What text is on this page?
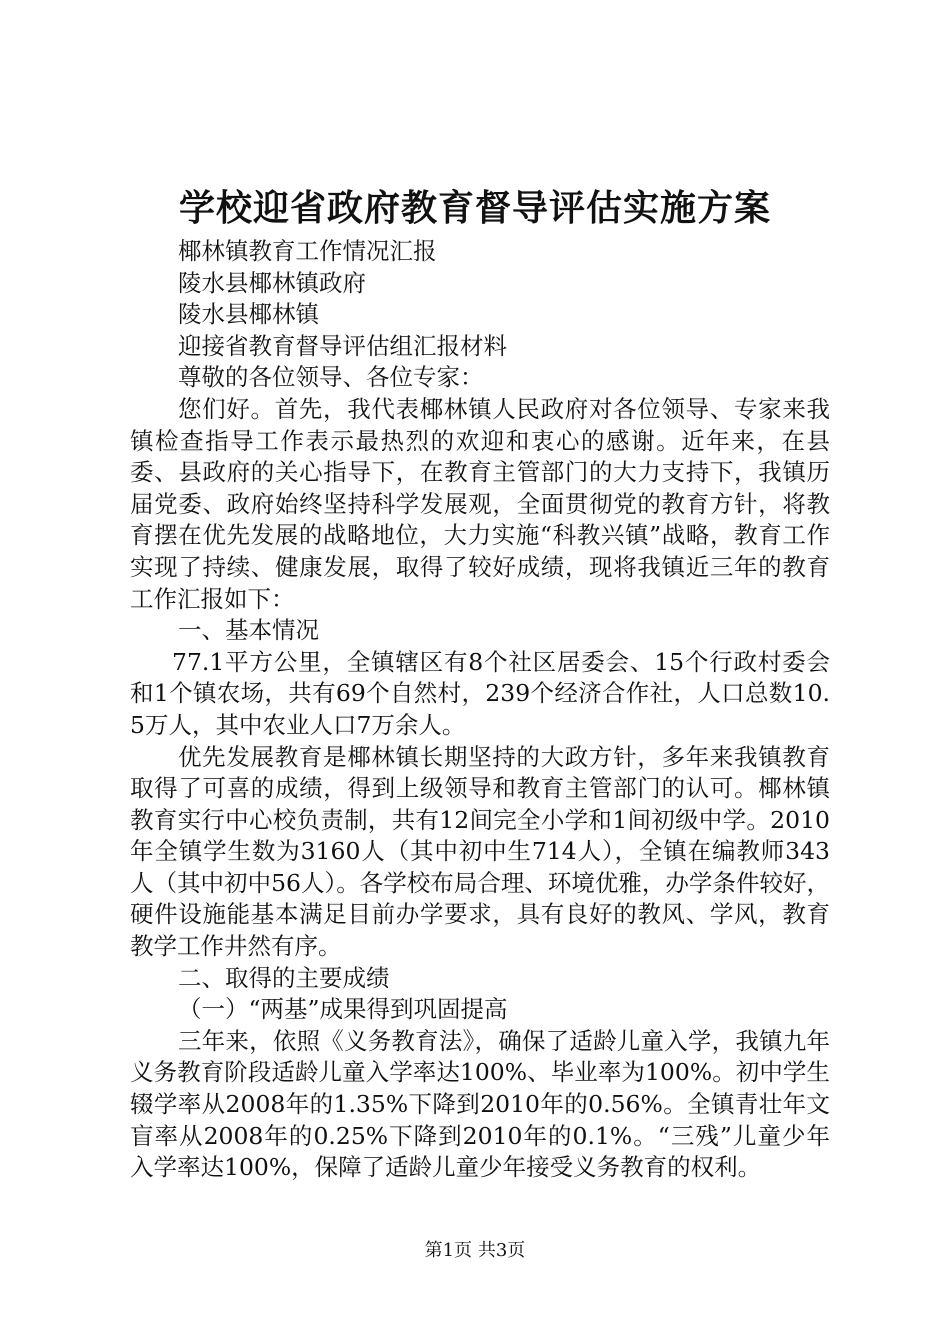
学校迎省政府教育督导评估实施方案

椰林镇教育工作情况汇报

陵水县椰林镇政府

陵水县椰林镇

迎接省教育督导评估组汇报材料

尊敬的各位领导、各位专家：

您们好。首先，我代表椰林镇人民政府对各位领导、专家来我镇检查指导工作表示最热烈的欢迎和衷心的感谢。近年来，在县委、县政府的关心指导下，在教育主管部门的大力支持下，我镇历届党委、政府始终坚持科学发展观，全面贯彻党的教育方针，将教育摆在优先发展的战略地位，大力实施“科教兴镇”战略，教育工作实现了持续、健康发展，取得了较好成绩，现将我镇近三年的教育工作汇报如下：

一、基本情况

77.1平方公里，全镇辖区有8个社区居委会、15个行政村委会和1个镇农场，共有69个自然村，239个经济合作社，人口总数10.5万人，其中农业人口7万余人。

优先发展教育是椰林镇长期坚持的大政方针，多年来我镇教育取得了可喜的成绩，得到上级领导和教育主管部门的认可。椰林镇教育实行中心校负责制，共有12间完全小学和1间初级中学。2010年全镇学生数为3160人（其中初中生714人），全镇在编教师343人（其中初中56人）。各学校布局合理、环境优雅，办学条件较好，硬件设施能基本满足目前办学要求，具有良好的教风、学风，教育教学工作井然有序。

二、取得的主要成绩

（一）“两基”成果得到巩固提高

三年来，依照《义务教育法》，确保了适龄儿童入学，我镇九年义务教育阶段适龄儿童入学率达100%、毕业率为100%。初中学生辍学率从2008年的1.35%下降到2010年的0.56%。全镇青壮年文盲率从2008年的0.25%下降到2010年的0.1%。“三残”儿童少年入学率达100%，保障了适龄儿童少年接受义务教育的权利。

第1页 共3页
